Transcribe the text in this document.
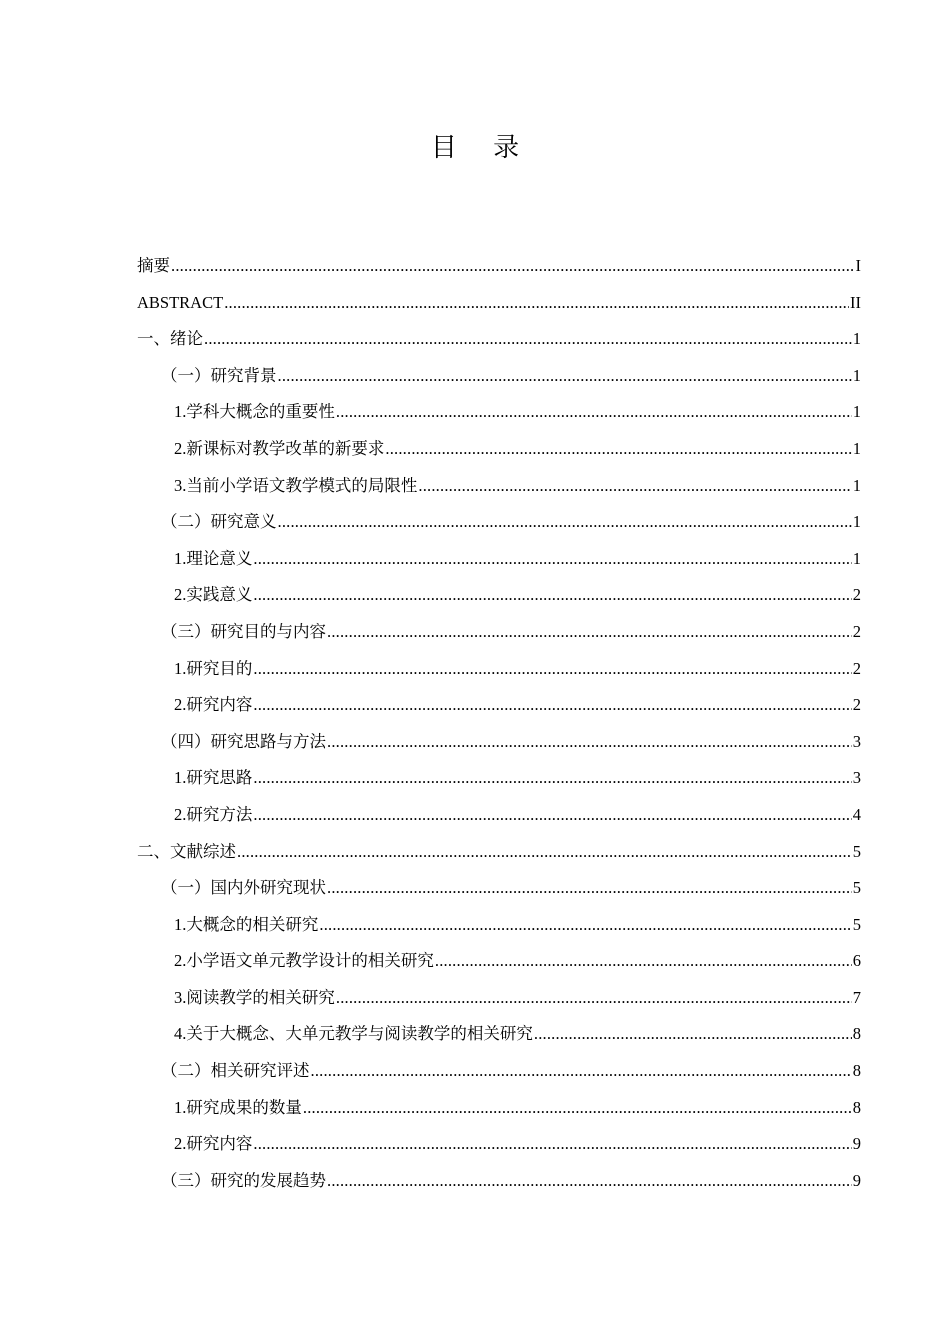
目 录
摘要 .....	I
ABSTRACT .....	II
一、绪论 .....	1
（一）研究背景 .....	1
1.学科大概念的重要性 .....	1
2.新课标对教学改革的新要求 .....	1
3.当前小学语文教学模式的局限性 .....	1
（二）研究意义 .....	1
1.理论意义 .....	1
2.实践意义 .....	2
（三）研究目的与内容 .....	2
1.研究目的 .....	2
2.研究内容 .....	2
（四）研究思路与方法 .....	3
1.研究思路 .....	3
2.研究方法 .....	4
二、文献综述 .....	5
（一）国内外研究现状 .....	5
1.大概念的相关研究 .....	5
2.小学语文单元教学设计的相关研究 .....	6
3.阅读教学的相关研究 .....	7
4.关于大概念、大单元教学与阅读教学的相关研究 .....	8
（二）相关研究评述 .....	8
1.研究成果的数量 .....	8
2.研究内容 .....	9
（三）研究的发展趋势 .....	9
